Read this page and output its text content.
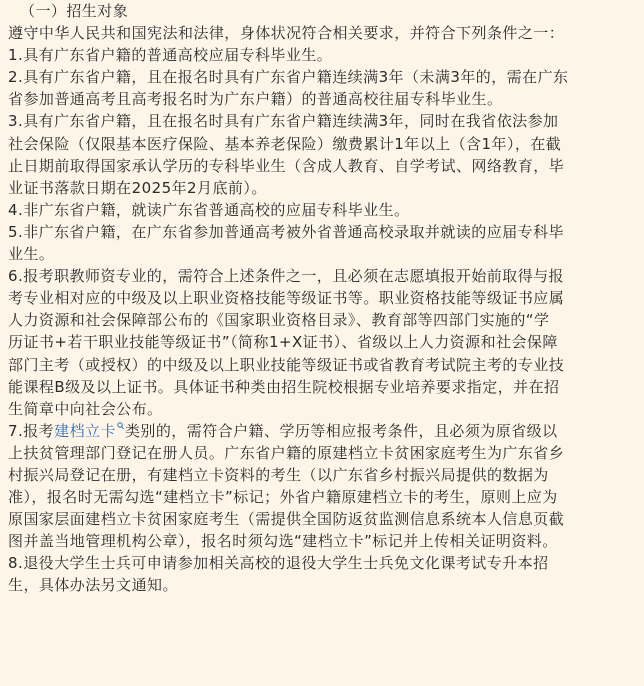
（一）招生对象
遵守中华人民共和国宪法和法律，身体状况符合相关要求，并符合下列条件之一：
1.具有广东省户籍的普通高校应届专科毕业生。
2.具有广东省户籍，且在报名时具有广东省户籍连续满3年（未满3年的，需在广东
省参加普通高考且高考报名时为广东户籍）的普通高校往届专科毕业生。
3.具有广东省户籍，且在报名时具有广东省户籍连续满3年，同时在我省依法参加
社会保险（仅限基本医疗保险、基本养老保险）缴费累计1年以上（含1年），在截
止日期前取得国家承认学历的专科毕业生（含成人教育、自学考试、网络教育，毕
业证书落款日期在2025年2月底前）。
4.非广东省户籍，就读广东省普通高校的应届专科毕业生。
5.非广东省户籍，在广东省参加普通高考被外省普通高校录取并就读的应届专科毕
业生。
6.报考职教师资专业的，需符合上述条件之一，且必须在志愿填报开始前取得与报
考专业相对应的中级及以上职业资格技能等级证书等。职业资格技能等级证书应属
人力资源和社会保障部公布的《国家职业资格目录》、教育部等四部门实施的“学
历证书+若干职业技能等级证书”（简称1+X证书）、省级以上人力资源和社会保障
部门主考（或授权）的中级及以上职业技能等级证书或省教育考试院主考的专业技
能课程B级及以上证书。具体证书种类由招生院校根据专业培养要求指定，并在招
生简章中向社会公布。
7.报考建档立卡 类别的，需符合户籍、学历等相应报考条件，且必须为原省级以
上扶贫管理部门登记在册人员。广东省户籍的原建档立卡贫困家庭考生为广东省乡
村振兴局登记在册，有建档立卡资料的考生（以广东省乡村振兴局提供的数据为
准），报名时无需勾选“建档立卡”标记；外省户籍原建档立卡的考生，原则上应为
原国家层面建档立卡贫困家庭考生（需提供全国防返贫监测信息系统本人信息页截
图并盖当地管理机构公章），报名时须勾选“建档立卡”标记并上传相关证明资料。
8.退役大学生士兵可申请参加相关高校的退役大学生士兵免文化课考试专升本招
生，具体办法另文通知。
